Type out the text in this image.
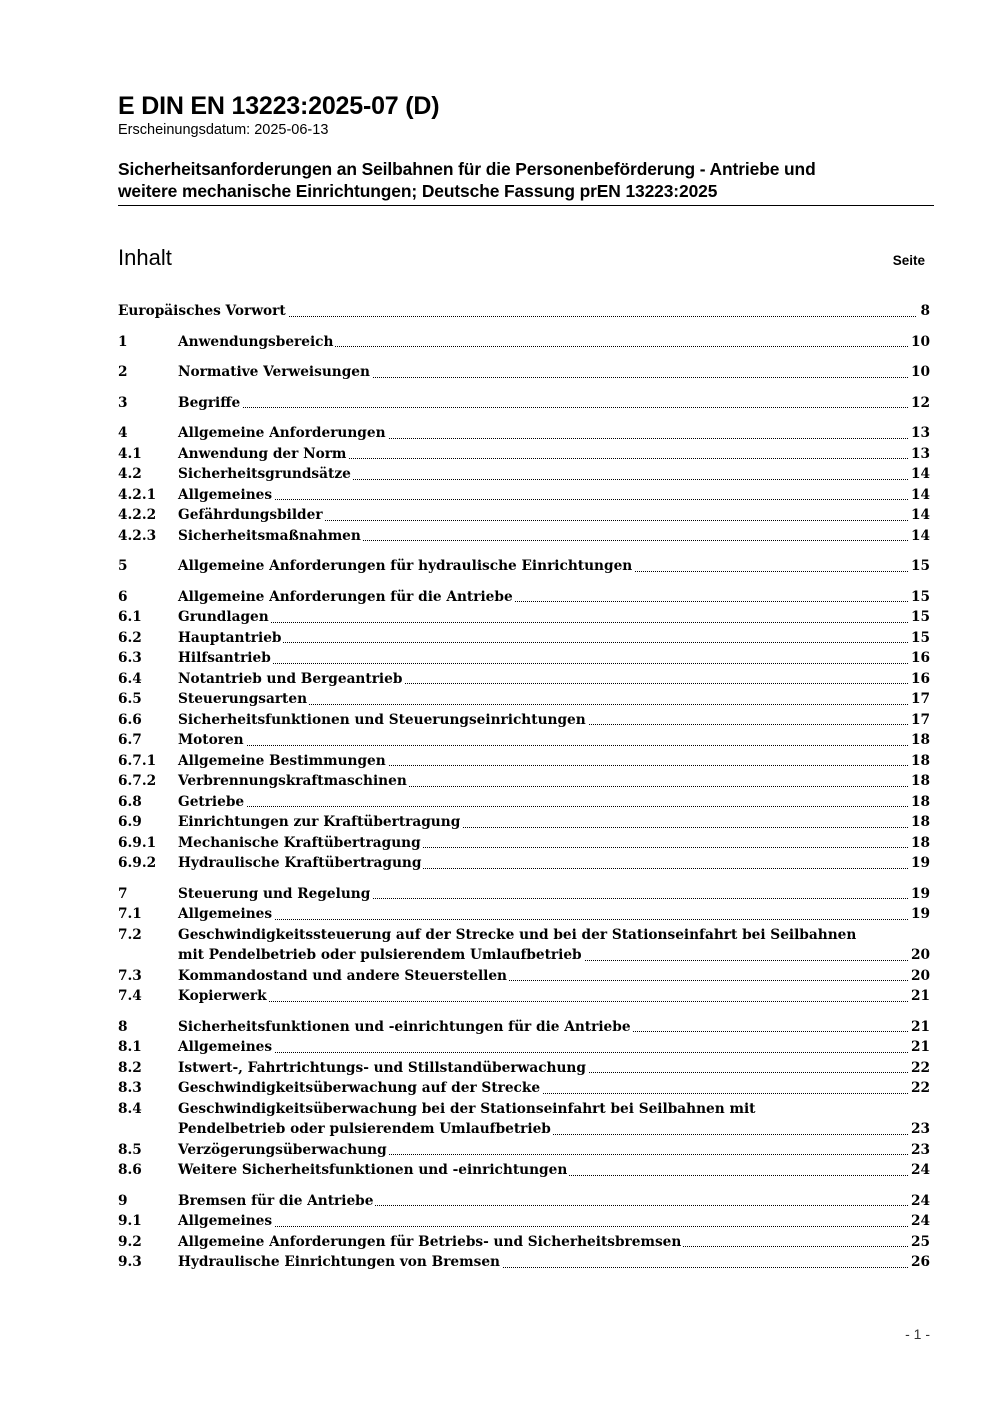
E DIN EN 13223:2025-07 (D)
Erscheinungsdatum: 2025-06-13
Sicherheitsanforderungen an Seilbahnen für die Personenbeförderung - Antriebe und
weitere mechanische Einrichtungen; Deutsche Fassung prEN 13223:2025
Inhalt	Seite
Europäisches Vorwort	8
1	Anwendungsbereich	10
2	Normative Verweisungen	10
3	Begriffe	12
4	Allgemeine Anforderungen	13
4.1	Anwendung der Norm	13
4.2	Sicherheitsgrundsätze	14
4.2.1 Allgemeines	14
4.2.2 Gefährdungsbilder	14
4.2.3 Sicherheitsmaßnahmen	14
5	Allgemeine Anforderungen für hydraulische Einrichtungen	15
6	Allgemeine Anforderungen für die Antriebe	15
6.1	Grundlagen	15
6.2	Hauptantrieb	15
6.3	Hilfsantrieb	16
6.4	Notantrieb und Bergeantrieb	16
6.5	Steuerungsarten	17
6.6	Sicherheitsfunktionen und Steuerungseinrichtungen	17
6.7	Motoren	18
6.7.1 Allgemeine Bestimmungen	18
6.7.2 Verbrennungskraftmaschinen	18
6.8	Getriebe	18
6.9	Einrichtungen zur Kraftübertragung	18
6.9.1 Mechanische Kraftübertragung	18
6.9.2 Hydraulische Kraftübertragung	19
7	Steuerung und Regelung	19
7.1	Allgemeines	19
7.2	Geschwindigkeitssteuerung auf der Strecke und bei der Stationseinfahrt bei Seilbahnen
mit Pendelbetrieb oder pulsierendem Umlaufbetrieb	20
7.3	Kommandostand und andere Steuerstellen	20
7.4	Kopierwerk	21
8	Sicherheitsfunktionen und -einrichtungen für die Antriebe	21
8.1	Allgemeines	21
8.2	Istwert-, Fahrtrichtungs- und Stillstandüberwachung	22
8.3	Geschwindigkeitsüberwachung auf der Strecke	22
8.4	Geschwindigkeitsüberwachung bei der Stationseinfahrt bei Seilbahnen mit
Pendelbetrieb oder pulsierendem Umlaufbetrieb	23
8.5	Verzögerungsüberwachung	23
8.6	Weitere Sicherheitsfunktionen und -einrichtungen	24
9	Bremsen für die Antriebe	24
9.1	Allgemeines	24
9.2	Allgemeine Anforderungen für Betriebs- und Sicherheitsbremsen	25
9.3	Hydraulische Einrichtungen von Bremsen	26
- 1 -
